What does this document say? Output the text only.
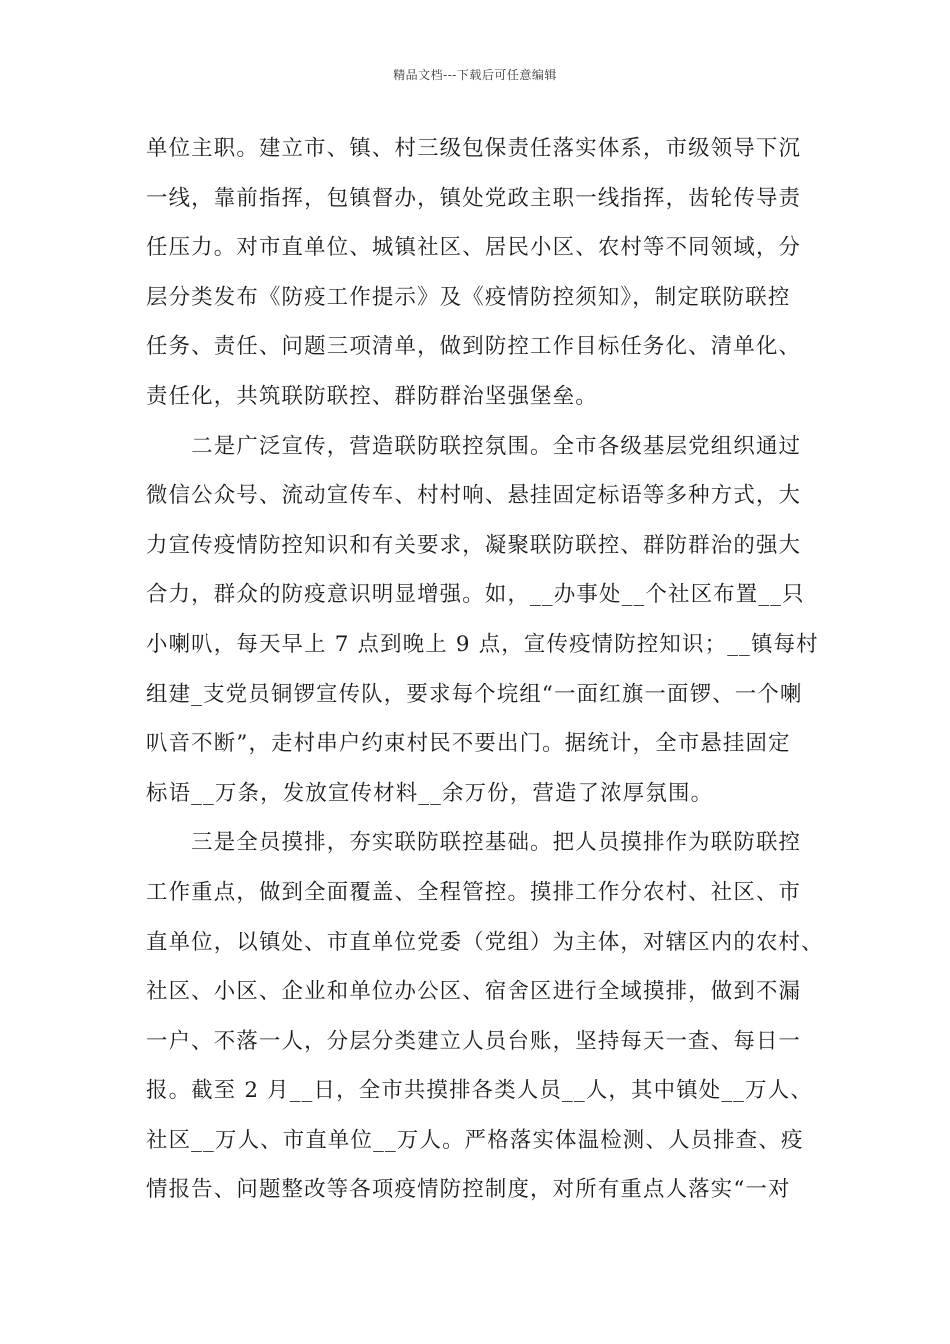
精品文档---下载后可任意编辑
单位主职。建立市、镇、村三级包保责任落实体系，市级领导下沉
一线，靠前指挥，包镇督办，镇处党政主职一线指挥，齿轮传导责
任压力。对市直单位、城镇社区、居民小区、农村等不同领域，分
层分类发布《防疫工作提示》及《疫情防控须知》，制定联防联控
任务、责任、问题三项清单，做到防控工作目标任务化、清单化、
责任化，共筑联防联控、群防群治坚强堡垒。
　　二是广泛宣传，营造联防联控氛围。全市各级基层党组织通过
微信公众号、流动宣传车、村村响、悬挂固定标语等多种方式，大
力宣传疫情防控知识和有关要求，凝聚联防联控、群防群治的强大
合力，群众的防疫意识明显增强。如，__办事处__个社区布置__只
小喇叭，每天早上 7 点到晚上 9 点，宣传疫情防控知识；__镇每村
组建_支党员铜锣宣传队，要求每个垸组“一面红旗一面锣、一个喇
叭音不断”，走村串户约束村民不要出门。据统计，全市悬挂固定
标语__万条，发放宣传材料__余万份，营造了浓厚氛围。
　　三是全员摸排，夯实联防联控基础。把人员摸排作为联防联控
工作重点，做到全面覆盖、全程管控。摸排工作分农村、社区、市
直单位，以镇处、市直单位党委（党组）为主体，对辖区内的农村、
社区、小区、企业和单位办公区、宿舍区进行全域摸排，做到不漏
一户、不落一人，分层分类建立人员台账，坚持每天一查、每日一
报。截至 2 月__日，全市共摸排各类人员__人，其中镇处__万人、
社区__万人、市直单位__万人。严格落实体温检测、人员排查、疫
情报告、问题整改等各项疫情防控制度，对所有重点人落实“一对
